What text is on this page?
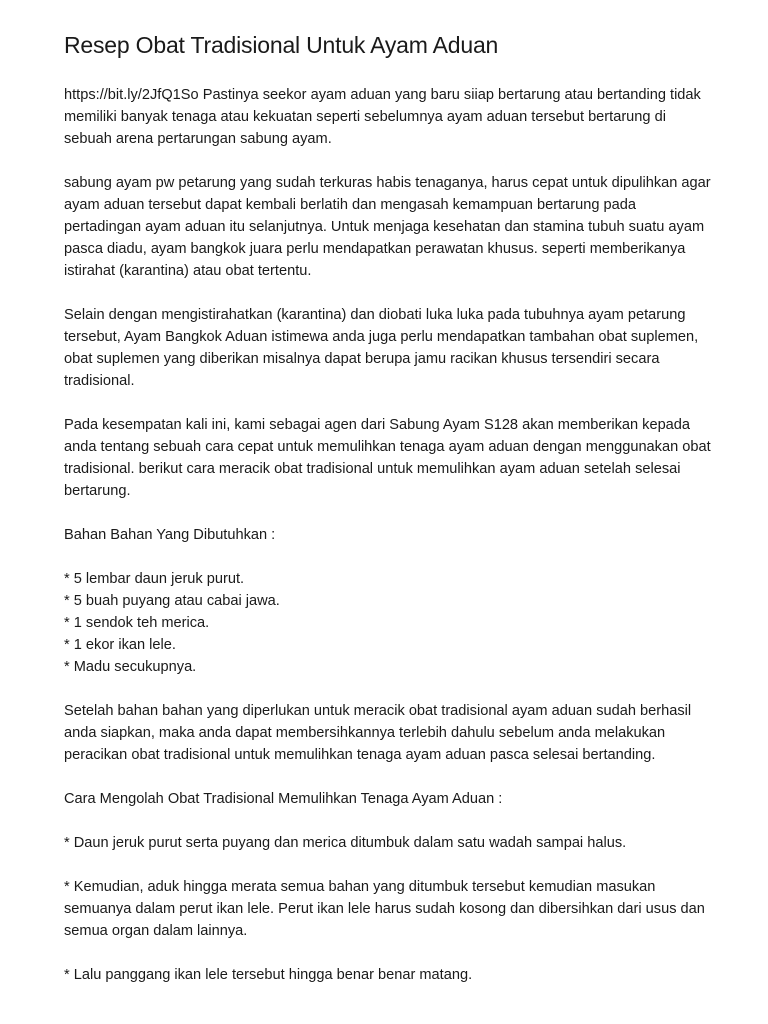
Resep Obat Tradisional Untuk Ayam Aduan

https://bit.ly/2JfQ1So Pastinya seekor ayam aduan yang baru siiap bertarung atau bertanding tidak memiliki banyak tenaga atau kekuatan seperti sebelumnya ayam aduan tersebut bertarung di sebuah arena pertarungan sabung ayam.

sabung ayam pw petarung yang sudah terkuras habis tenaganya, harus cepat untuk dipulihkan agar ayam aduan tersebut dapat kembali berlatih dan mengasah kemampuan bertarung pada pertadingan ayam aduan itu selanjutnya. Untuk menjaga kesehatan dan stamina tubuh suatu ayam pasca diadu, ayam bangkok juara perlu mendapatkan perawatan khusus. seperti memberikanya istirahat (karantina) atau obat tertentu.

Selain dengan mengistirahatkan (karantina) dan diobati luka luka pada tubuhnya ayam petarung tersebut, Ayam Bangkok Aduan istimewa anda juga perlu mendapatkan tambahan obat suplemen, obat suplemen yang diberikan misalnya dapat berupa jamu racikan khusus tersendiri secara tradisional.

Pada kesempatan kali ini, kami sebagai agen dari Sabung Ayam S128 akan memberikan kepada anda tentang sebuah cara cepat untuk memulihkan tenaga ayam aduan dengan menggunakan obat tradisional. berikut cara meracik obat tradisional untuk memulihkan ayam aduan setelah selesai bertarung.

Bahan Bahan Yang Dibutuhkan :

* 5 lembar daun jeruk purut.
* 5 buah puyang atau cabai jawa.
* 1 sendok teh merica.
* 1 ekor ikan lele.
* Madu secukupnya.

Setelah bahan bahan yang diperlukan untuk meracik obat tradisional ayam aduan sudah berhasil anda siapkan, maka anda dapat membersihkannya terlebih dahulu sebelum anda melakukan peracikan obat tradisional untuk memulihkan tenaga ayam aduan pasca selesai bertanding.

Cara Mengolah Obat Tradisional Memulihkan Tenaga Ayam Aduan :

* Daun jeruk purut serta puyang dan merica ditumbuk dalam satu wadah sampai halus.

* Kemudian, aduk hingga merata semua bahan yang ditumbuk tersebut kemudian masukan semuanya dalam perut ikan lele. Perut ikan lele harus sudah kosong dan dibersihkan dari usus dan semua organ dalam lainnya.

* Lalu panggang ikan lele tersebut hingga benar benar matang.
